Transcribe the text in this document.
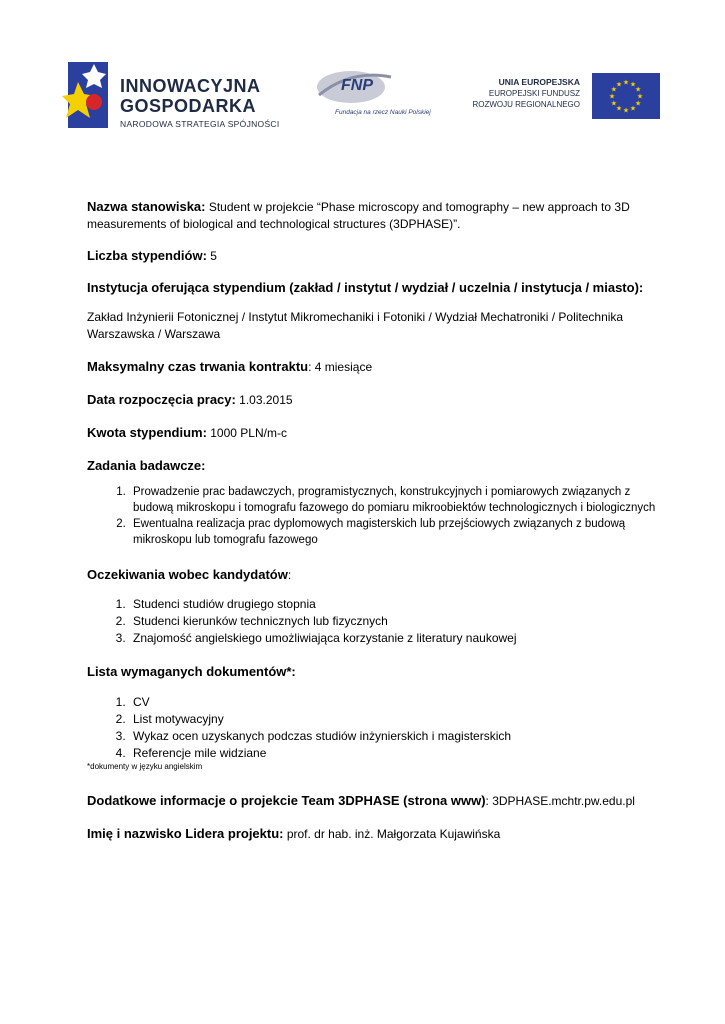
INNOWACYJNA
GOSPODARKA
NARODOWA STRATEGIA SPÓJNOŚCI
FNP
Fundacja na rzecz Nauki Polskiej
UNIA EUROPEJSKA
EUROPEJSKI FUNDUSZ
ROZWOJU REGIONALNEGO
★ ★
★
★
★
★
★
★
★
★
★
★

Nazwa stanowiska: Student w projekcie “Phase microscopy and tomography – new approach to 3D measurements of biological and technological structures (3DPHASE)”.

Liczba stypendiów: 5

Instytucja oferująca stypendium (zakład / instytut / wydział / uczelnia / instytucja / miasto):

Zakład Inżynierii Fotonicznej / Instytut Mikromechaniki i Fotoniki / Wydział Mechatroniki / Politechnika Warszawska / Warszawa

Maksymalny czas trwania kontraktu: 4 miesiące

Data rozpoczęcia pracy: 1.03.2015

Kwota stypendium: 1000 PLN/m-c

Zadania badawcze:

1. Prowadzenie prac badawczych, programistycznych, konstrukcyjnych i pomiarowych związanych z budową mikroskopu i tomografu fazowego do pomiaru mikroobiektów technologicznych i biologicznych
2. Ewentualna realizacja prac dyplomowych magisterskich lub przejściowych związanych z budową mikroskopu lub tomografu fazowego

Oczekiwania wobec kandydatów:

1. Studenci studiów drugiego stopnia
2. Studenci kierunków technicznych lub fizycznych
3. Znajomość angielskiego umożliwiająca korzystanie z literatury naukowej

Lista wymaganych dokumentów*:

1. CV
2. List motywacyjny
3. Wykaz ocen uzyskanych podczas studiów inżynierskich i magisterskich
4. Referencje mile widziane

*dokumenty w języku angielskim

Dodatkowe informacje o projekcie Team 3DPHASE (strona www): 3DPHASE.mchtr.pw.edu.pl

Imię i nazwisko Lidera projektu: prof. dr hab. inż. Małgorzata Kujawińska
